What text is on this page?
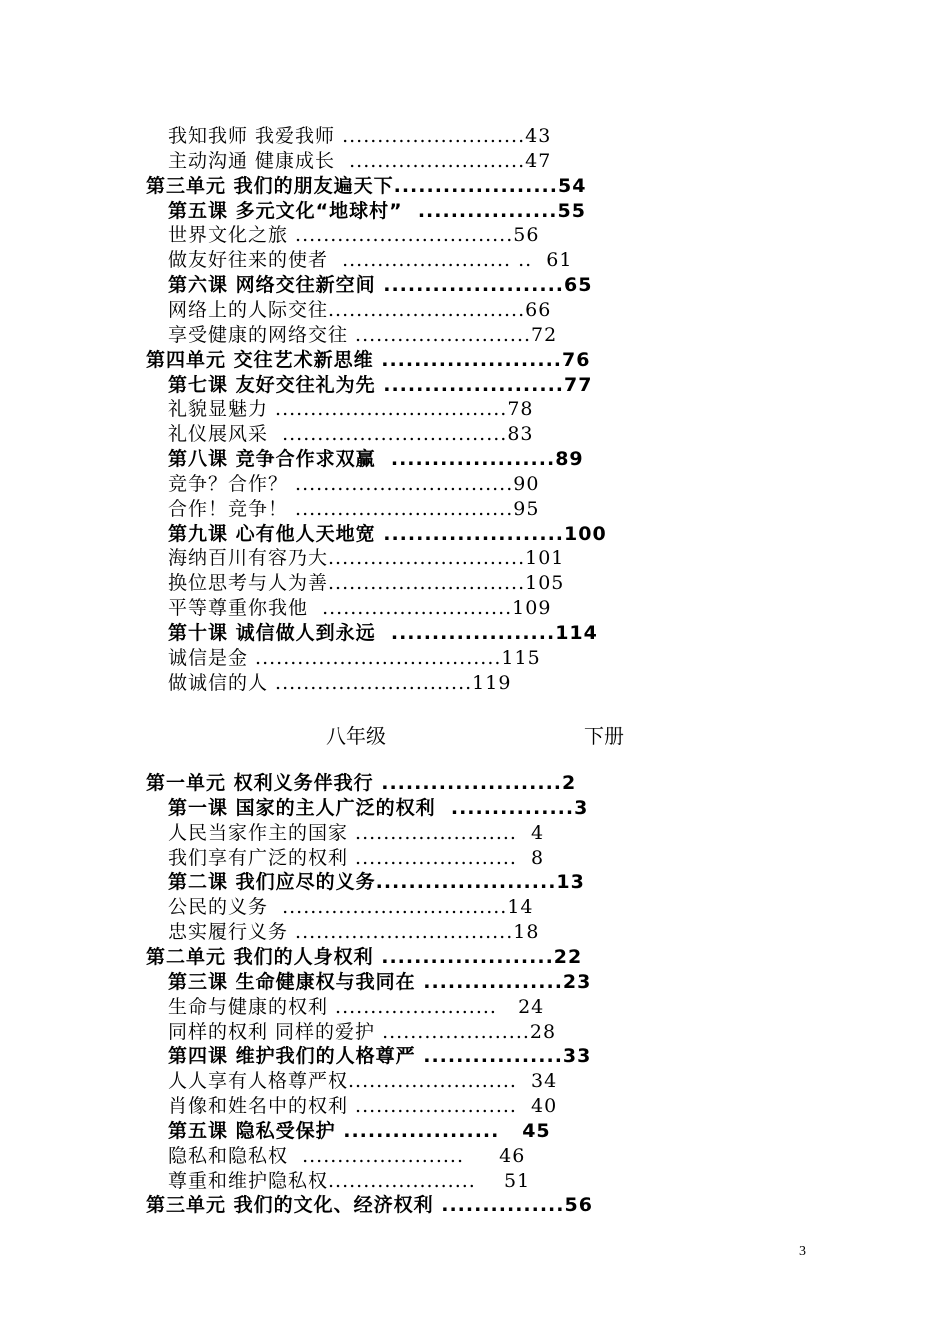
我知我师 我爱我师 ..........................43
主动沟通 健康成长  .........................47
第三单元 我们的朋友遍天下....................54
第五课 多元文化“地球村”  .................55
世界文化之旅 ...............................56
做友好往来的使者  ........................ ..  61
第六课 网络交往新空间 ......................65
网络上的人际交往............................66
享受健康的网络交往 .........................72
第四单元 交往艺术新思维 ......................76
第七课 友好交往礼为先 ......................77
礼貌显魅力 .................................78
礼仪展风采  ................................83
第八课 竞争合作求双赢  ....................89
竞争？合作？ ...............................90
合作！竞争！ ...............................95
第九课 心有他人天地宽 ......................100
海纳百川有容乃大............................101
换位思考与人为善............................105
平等尊重你我他  ...........................109
第十课 诚信做人到永远  ....................114
诚信是金 ...................................115
做诚信的人 ............................119
八年级	下册
第一单元 权利义务伴我行 ......................2
第一课 国家的主人广泛的权利  ...............3
人民当家作主的国家 .......................  4
我们享有广泛的权利 .......................  8
第二课 我们应尽的义务......................13
公民的义务  ................................14
忠实履行义务 ...............................18
第二单元 我们的人身权利 .....................22
第三课 生命健康权与我同在 .................23
生命与健康的权利 .......................   24
同样的权利 同样的爱护 .....................28
第四课 维护我们的人格尊严 .................33
人人享有人格尊严权........................  34
肖像和姓名中的权利 .......................  40
第五课 隐私受保护 ...................   45
隐私和隐私权  .......................     46
尊重和维护隐私权.....................    51
第三单元 我们的文化、经济权利 ...............56
3
